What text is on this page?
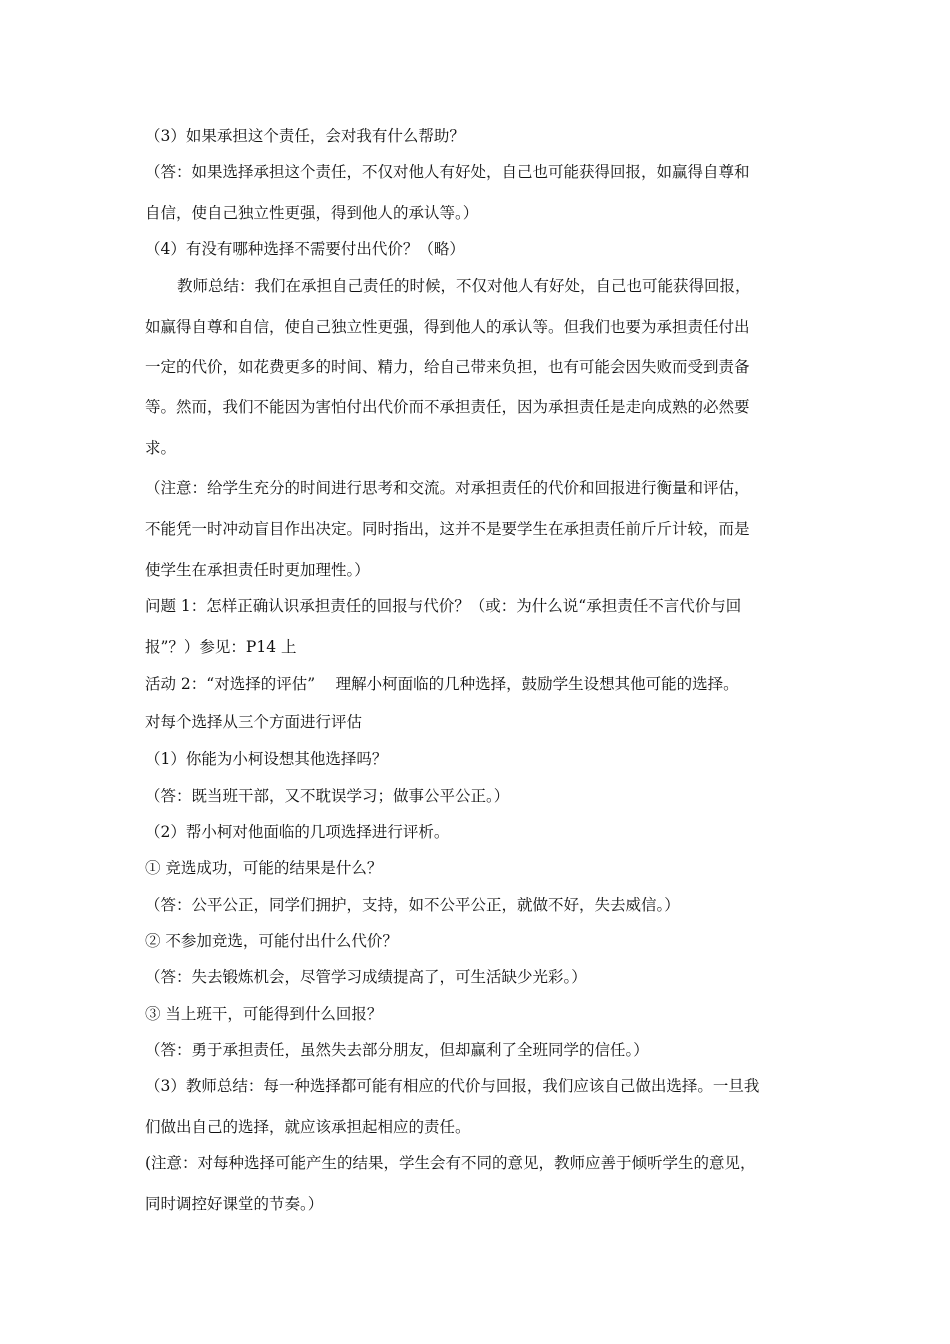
（3）如果承担这个责任，会对我有什么帮助？
（答：如果选择承担这个责任，不仅对他人有好处，自己也可能获得回报，如赢得自尊和
自信，使自己独立性更强，得到他人的承认等。）
（4）有没有哪种选择不需要付出代价？（略）
教师总结：我们在承担自己责任的时候，不仅对他人有好处，自己也可能获得回报，
如赢得自尊和自信，使自己独立性更强，得到他人的承认等。但我们也要为承担责任付出
一定的代价，如花费更多的时间、精力，给自己带来负担，也有可能会因失败而受到责备
等。然而，我们不能因为害怕付出代价而不承担责任，因为承担责任是走向成熟的必然要
求。
（注意：给学生充分的时间进行思考和交流。对承担责任的代价和回报进行衡量和评估，
不能凭一时冲动盲目作出决定。同时指出，这并不是要学生在承担责任前斤斤计较，而是
使学生在承担责任时更加理性。）
问题 1：怎样正确认识承担责任的回报与代价？（或：为什么说“承担责任不言代价与回
报”？）参见：P14 上
活动 2：“对选择的评估”　 理解小柯面临的几种选择，鼓励学生设想其他可能的选择。
对每个选择从三个方面进行评估
（1）你能为小柯设想其他选择吗？
（答：既当班干部，又不耽误学习；做事公平公正。）
（2）帮小柯对他面临的几项选择进行评析。
① 竞选成功，可能的结果是什么？
（答：公平公正，同学们拥护，支持，如不公平公正，就做不好，失去威信。）
② 不参加竞选，可能付出什么代价？
（答：失去锻炼机会，尽管学习成绩提高了，可生活缺少光彩。）
③ 当上班干，可能得到什么回报？
（答：勇于承担责任，虽然失去部分朋友，但却赢利了全班同学的信任。）
（3）教师总结：每一种选择都可能有相应的代价与回报，我们应该自己做出选择。一旦我
们做出自己的选择，就应该承担起相应的责任。
(注意：对每种选择可能产生的结果，学生会有不同的意见，教师应善于倾听学生的意见，
同时调控好课堂的节奏。）
